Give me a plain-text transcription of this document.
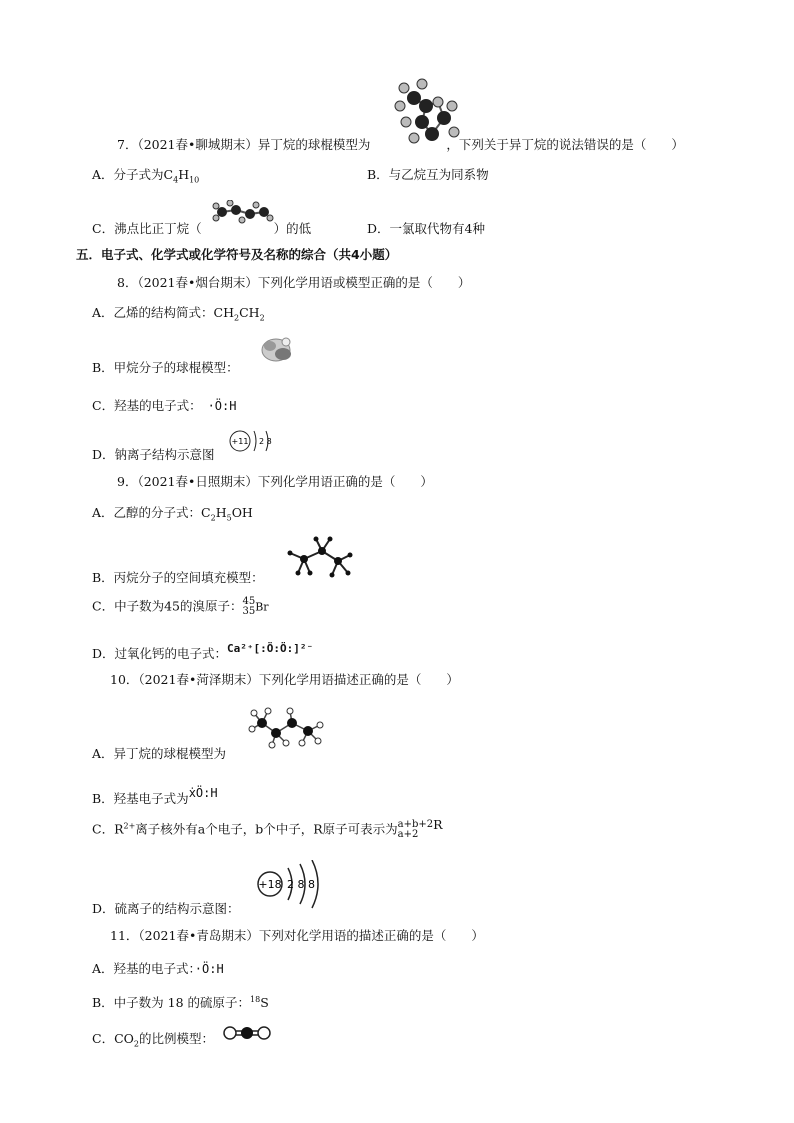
7．（2021春•聊城期末）异丁烷的球棍模型为	，下列关于异丁烷的说法错误的是（　　）
A．分子式为$C_4H_{10}$	B．与乙烷互为同系物
C．沸点比正丁烷（	）的低	D．一氯取代物有4种
五．电子式、化学式或化学符号及名称的综合（共4小题）
8．（2021春•烟台期末）下列化学用语或模型正确的是（　　）
A．乙烯的结构简式：$CH_2CH_2$
B．甲烷分子的球棍模型：
C．羟基的电子式： ·Ö:H
D．钠离子结构示意图
+11 2 8
9．（2021春•日照期末）下列化学用语正确的是（　　）
A．乙醇的分子式：$C_2H_5OH$
B．丙烷分子的空间填充模型：
C．中子数为45的溴原子：45
35Br
D．过氧化钙的电子式：Ca²⁺[:Ö:Ö:]²⁻
10．（2021春•菏泽期末）下列化学用语描述正确的是（　　）
A．异丁烷的球棍模型为
B．羟基电子式为ẋÖ:H
C．$R^{2+}$离子核外有a个电子，b个中子，R原子可表示为a+b+2
a+2R
+18 2 8 8
D．硫离子的结构示意图：
11．（2021春•青岛期末）下列对化学用语的描述正确的是（　　）
A．羟基的电子式：·Ö:H
B．中子数为 18 的硫原子：$^{18}$S
C．$CO_2$的比例模型：
